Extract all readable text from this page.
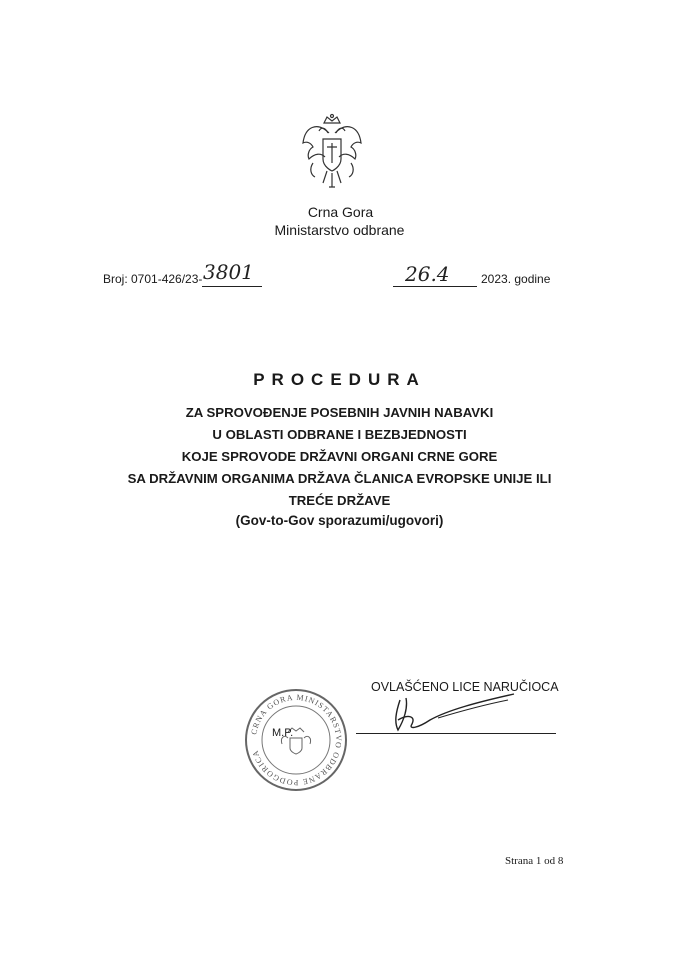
Crna Gora
Ministarstvo odbrane
Broj: 0701-426/23- 3801	26.4	2023. godine
PROCEDURA
ZA SPROVOĐENJE POSEBNIH JAVNIH NABAVKI
U OBLASTI ODBRANE I BEZBJEDNOSTI
KOJE SPROVODE DRŽAVNI ORGANI CRNE GORE
SA DRŽAVNIM ORGANIMA DRŽAVA ČLANICA EVROPSKE UNIJE ILI
TREĆE DRŽAVE
(Gov-to-Gov sporazumi/ugovori)
OVLAŠĆENO LICE NARUČIOCA
CRNA GORA MINISTARSTVO ODBRANE PODGORICA
M.P.
Strana 1 od 8
